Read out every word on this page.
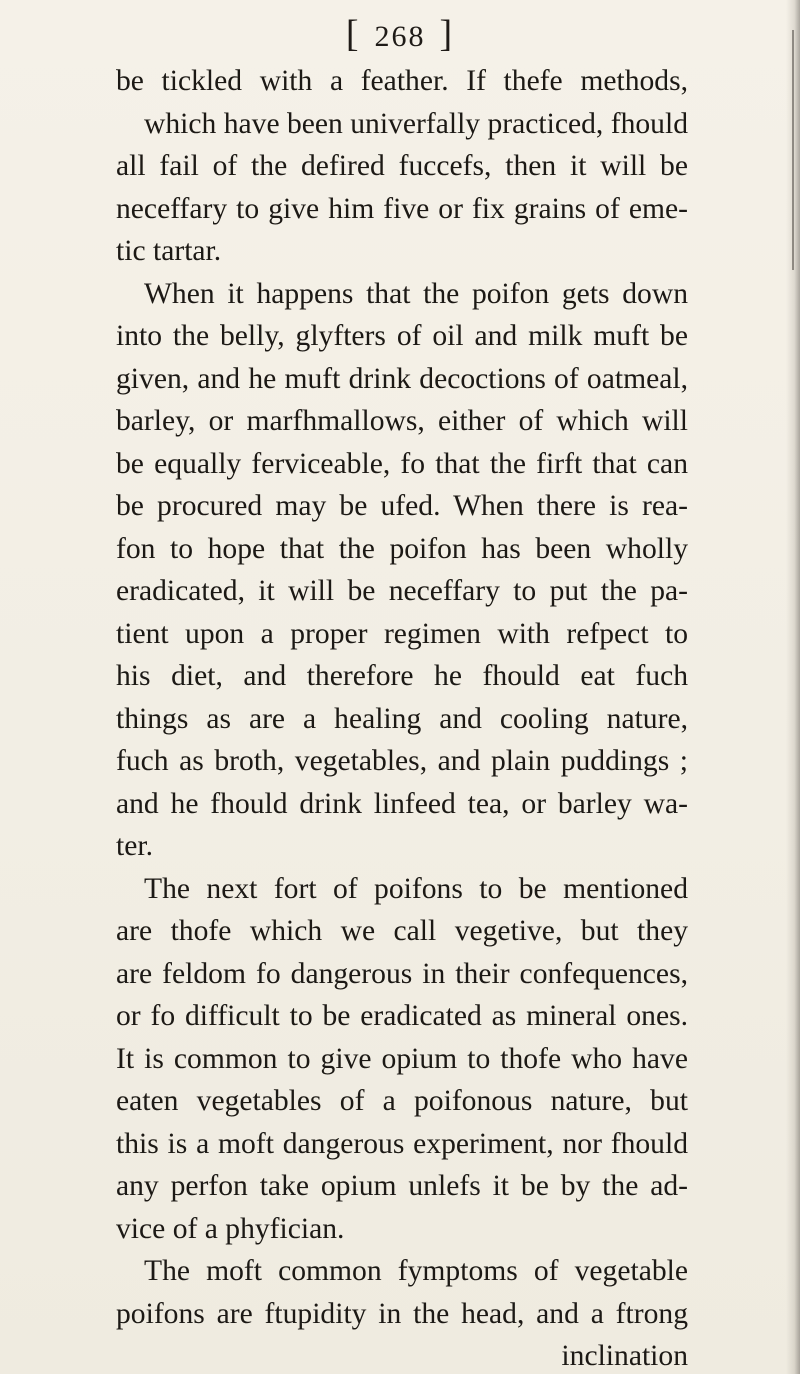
[ 268 ]
be tickled with a feather. If thefe methods,
which have been univerfally practiced, fhould
all fail of the defired fuccefs, then it will be
neceffary to give him five or fix grains of eme-
tic tartar.
When it happens that the poifon gets down
into the belly, glyfters of oil and milk muft be
given, and he muft drink decoctions of oatmeal,
barley, or marfhmallows, either of which will
be equally ferviceable, fo that the firft that can
be procured may be ufed. When there is rea-
fon to hope that the poifon has been wholly
eradicated, it will be neceffary to put the pa-
tient upon a proper regimen with refpect to
his diet, and therefore he fhould eat fuch
things as are a healing and cooling nature,
fuch as broth, vegetables, and plain puddings ;
and he fhould drink linfeed tea, or barley wa-
ter.
The next fort of poifons to be mentioned
are thofe which we call vegetive, but they
are feldom fo dangerous in their confequences,
or fo difficult to be eradicated as mineral ones.
It is common to give opium to thofe who have
eaten vegetables of a poifonous nature, but
this is a moft dangerous experiment, nor fhould
any perfon take opium unlefs it be by the ad-
vice of a phyfician.
The moft common fymptoms of vegetable
poifons are ftupidity in the head, and a ftrong
inclination
